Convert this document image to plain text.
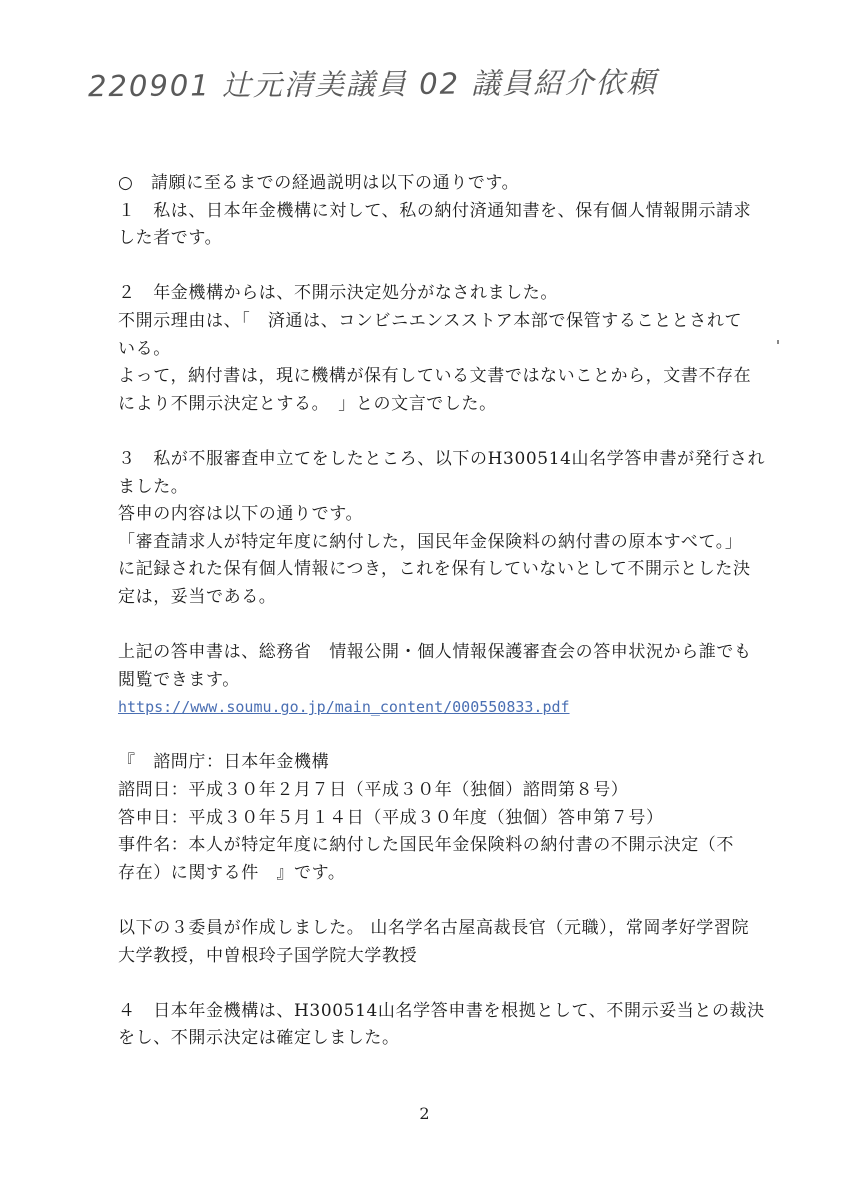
220901 辻元清美議員 02 議員紹介依頼
○　請願に至るまでの経過説明は以下の通りです。
１　私は、日本年金機構に対して、私の納付済通知書を、保有個人情報開示請求
した者です。
２　年金機構からは、不開示決定処分がなされました。
不開示理由は、「　済通は、コンビニエンスストア本部で保管することとされて
いる。
よって，納付書は，現に機構が保有している文書ではないことから，文書不存在
により不開示決定とする。　」との文言でした。
３　私が不服審査申立てをしたところ、以下のH300514山名学答申書が発行され
ました。
答申の内容は以下の通りです。
「審査請求人が特定年度に納付した，国民年金保険料の納付書の原本すべて。」
に記録された保有個人情報につき，これを保有していないとして不開示とした決
定は，妥当である。
上記の答申書は、総務省　情報公開・個人情報保護審査会の答申状況から誰でも
閲覧できます。
https://www.soumu.go.jp/main_content/000550833.pdf
『　諮問庁：日本年金機構
諮問日：平成３０年２月７日（平成３０年（独個）諮問第８号）
答申日：平成３０年５月１４日（平成３０年度（独個）答申第７号）
事件名：本人が特定年度に納付した国民年金保険料の納付書の不開示決定（不
存在）に関する件　』です。
以下の３委員が作成しました。 山名学名古屋高裁長官（元職），常岡孝好学習院
大学教授，中曽根玲子国学院大学教授
４　日本年金機構は、H300514山名学答申書を根拠として、不開示妥当との裁決
をし、不開示決定は確定しました。
2
